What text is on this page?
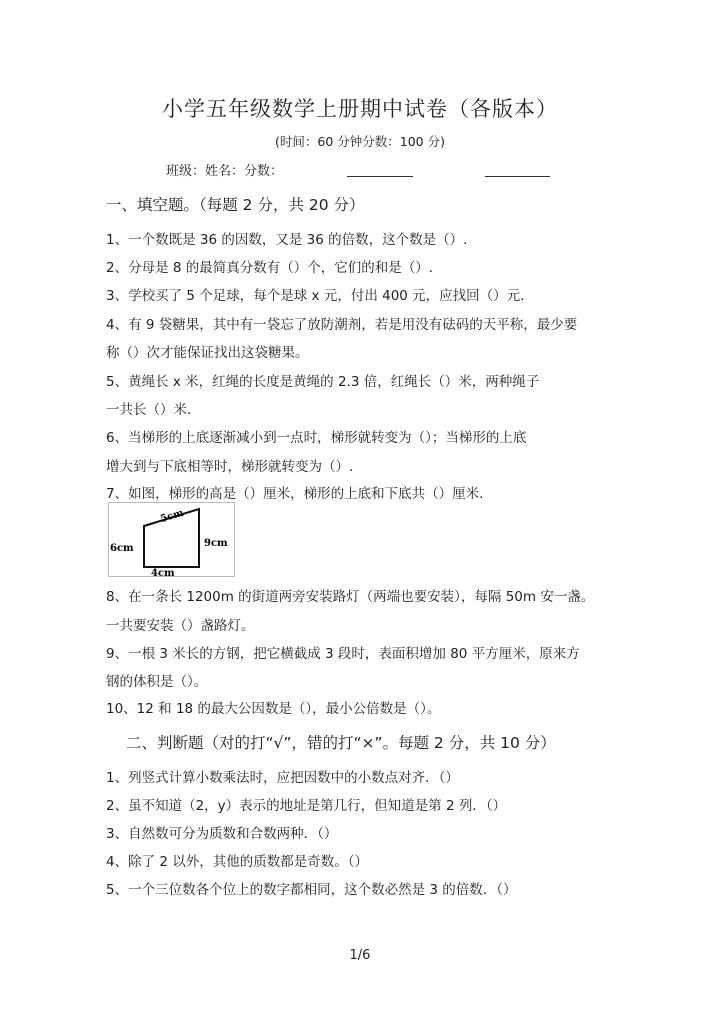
小学五年级数学上册期中试卷（各版本）
(时间：60 分钟分数：100 分)
班级：姓名：分数：
一、填空题。（每题 2 分，共 20 分）
1、一个数既是 36 的因数，又是 36 的倍数，这个数是（）.
2、分母是 8 的最简真分数有（）个，它们的和是（）.
3、学校买了 5 个足球，每个是球 x 元，付出 400 元，应找回（）元.
4、有 9 袋糖果，其中有一袋忘了放防潮剂，若是用没有砝码的天平称，最少要
称（）次才能保证找出这袋糖果。
5、黄绳长 x 米，红绳的长度是黄绳的 2.3 倍，红绳长（）米，两种绳子
一共长（）米.
6、当梯形的上底逐渐减小到一点时，梯形就转变为（）；当梯形的上底
增大到与下底相等时，梯形就转变为（）.
7、如图，梯形的高是（）厘米，梯形的上底和下底共（）厘米.
5cm
6cm	9cm
4cm
8、在一条长 1200m 的街道两旁安装路灯（两端也要安装），每隔 50m 安一盏。
一共要安装（）盏路灯。
9、一根 3 米长的方钢，把它横截成 3 段时，表面积增加 80 平方厘米，原来方
钢的体积是（）。
10、12 和 18 的最大公因数是（），最小公倍数是（）。
二、判断题（对的打“√”，错的打“×”。每题 2 分，共 10 分）
1、列竖式计算小数乘法时，应把因数中的小数点对齐．（）
2、虽不知道（2，y）表示的地址是第几行，但知道是第 2 列．（）
3、自然数可分为质数和合数两种．（）
4、除了 2 以外，其他的质数都是奇数。（）
5、一个三位数各个位上的数字都相同，这个数必然是 3 的倍数．（）
1/6
